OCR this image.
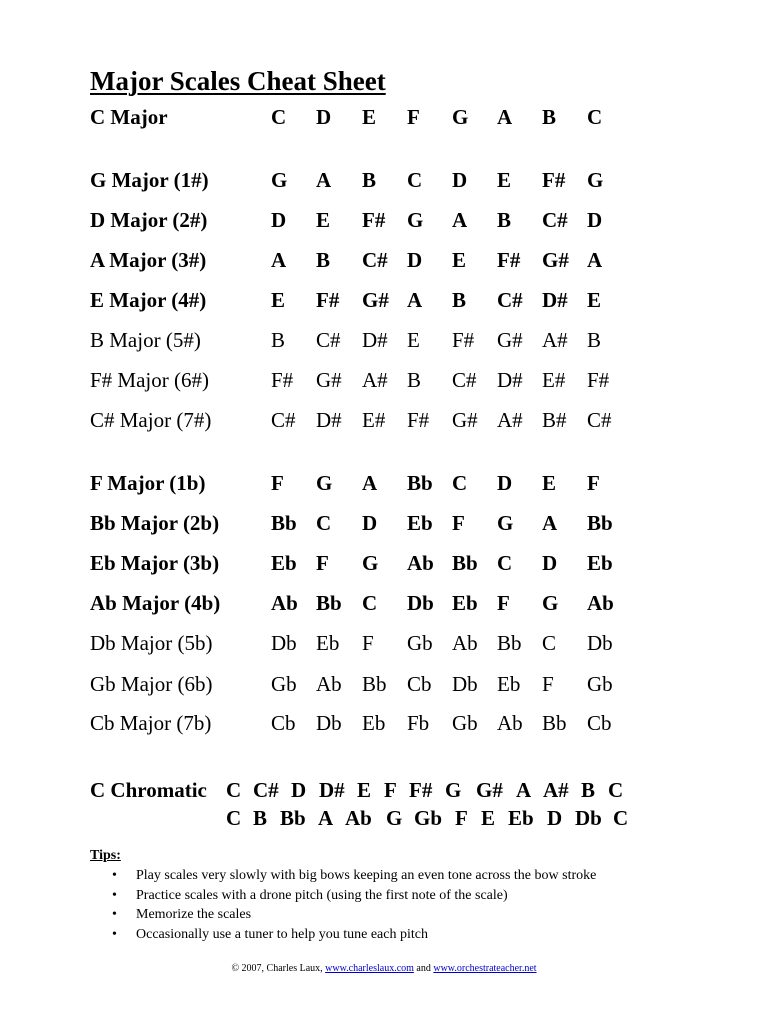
Major Scales Cheat Sheet
C Major	C D E F G A B C
G Major (1#)	G A B C D E F# G
D Major (2#)	D E F# G A B C# D
A Major (3#)	A B C# D E F# G# A
E Major (4#)	E F# G# A B C# D# E
B Major (5#)	B C# D# E F# G# A# B
F# Major (6#)	F# G# A# B C# D# E# F#
C# Major (7#)	C# D# E# F# G# A# B# C#
F Major (1b)	F G A Bb C D E F
Bb Major (2b) Bb C D Eb F G A Bb
Eb Major (3b) Eb F G Ab Bb C D Eb
Ab Major (4b) Ab Bb C Db Eb F G Ab
Db Major (5b)	Db Eb F Gb Ab Bb C Db
Gb Major (6b)	Gb Ab Bb Cb Db Eb F Gb
Cb Major (7b)	Cb Db Eb Fb Gb Ab Bb Cb
C Chromatic C C# D D# E F F# G G# A A# B C
C B Bb A Ab G Gb F E Eb D Db C
Tips:
• Play scales very slowly with big bows keeping an even tone across the bow stroke
• Practice scales with a drone pitch (using the first note of the scale)
• Memorize the scales
• Occasionally use a tuner to help you tune each pitch
© 2007, Charles Laux, www.charleslaux.com and www.orchestrateacher.net
